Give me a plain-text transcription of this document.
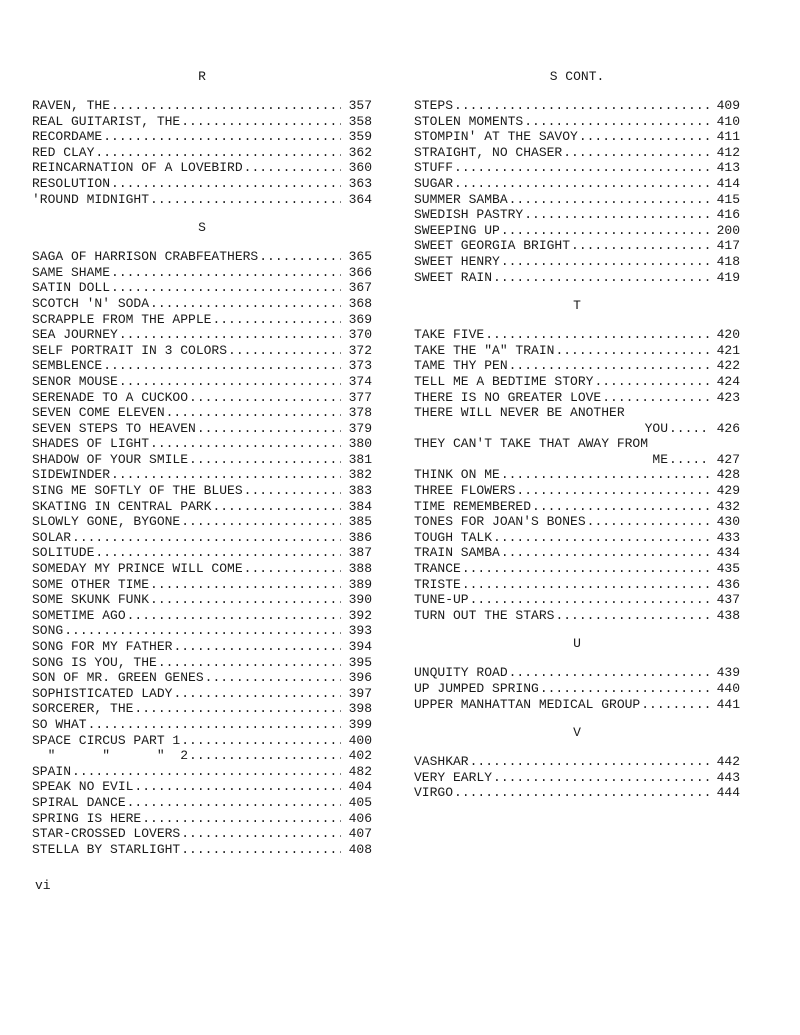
R
RAVEN, THE .....	357
REAL GUITARIST, THE .....	358
RECORDAME .....	359
RED CLAY .....	362
REINCARNATION OF A LOVEBIRD .....	360
RESOLUTION .....	363
'ROUND MIDNIGHT .....	364
S
SAGA OF HARRISON CRABFEATHERS .....	365
SAME SHAME .....	366
SATIN DOLL .....	367
SCOTCH 'N' SODA .....	368
SCRAPPLE FROM THE APPLE .....	369
SEA JOURNEY .....	370
SELF PORTRAIT IN 3 COLORS .....	372
SEMBLENCE .....	373
SENOR MOUSE .....	374
SERENADE TO A CUCKOO .....	377
SEVEN COME ELEVEN .....	378
SEVEN STEPS TO HEAVEN .....	379
SHADES OF LIGHT .....	380
SHADOW OF YOUR SMILE .....	381
SIDEWINDER .....	382
SING ME SOFTLY OF THE BLUES .....	383
SKATING IN CENTRAL PARK .....	384
SLOWLY GONE, BYGONE .....	385
SOLAR .....	386
SOLITUDE .....	387
SOMEDAY MY PRINCE WILL COME .....	388
SOME OTHER TIME .....	389
SOME SKUNK FUNK .....	390
SOMETIME AGO .....	392
SONG .....	393
SONG FOR MY FATHER .....	394
SONG IS YOU, THE .....	395
SON OF MR. GREEN GENES .....	396
SOPHISTICATED LADY .....	397
SORCERER, THE .....	398
SO WHAT .....	399
SPACE CIRCUS PART 1 .....	400
"      "      "  2 .....	402
SPAIN .....	482
SPEAK NO EVIL .....	404
SPIRAL DANCE .....	405
SPRING IS HERE .....	406
STAR-CROSSED LOVERS .....	407
STELLA BY STARLIGHT .....	408
S CONT.
STEPS .....	409
STOLEN MOMENTS .....	410
STOMPIN' AT THE SAVOY .....	411
STRAIGHT, NO CHASER .....	412
STUFF .....	413
SUGAR .....	414
SUMMER SAMBA .....	415
SWEDISH PASTRY .....	416
SWEEPING UP .....	200
SWEET GEORGIA BRIGHT .....	417
SWEET HENRY .....	418
SWEET RAIN .....	419
T
TAKE FIVE .....	420
TAKE THE "A" TRAIN .....	421
TAME THY PEN .....	422
TELL ME A BEDTIME STORY .....	424
THERE IS NO GREATER LOVE .....	423
THERE WILL NEVER BE ANOTHER
YOU .....	426
THEY CAN'T TAKE THAT AWAY FROM
ME .....	427
THINK ON ME .....	428
THREE FLOWERS .....	429
TIME REMEMBERED .....	432
TONES FOR JOAN'S BONES .....	430
TOUGH TALK .....	433
TRAIN SAMBA .....	434
TRANCE .....	435
TRISTE .....	436
TUNE-UP .....	437
TURN OUT THE STARS .....	438
U
UNQUITY ROAD .....	439
UP JUMPED SPRING .....	440
UPPER MANHATTAN MEDICAL GROUP .....	441
V
VASHKAR .....	442
VERY EARLY .....	443
VIRGO .....	444
vi
